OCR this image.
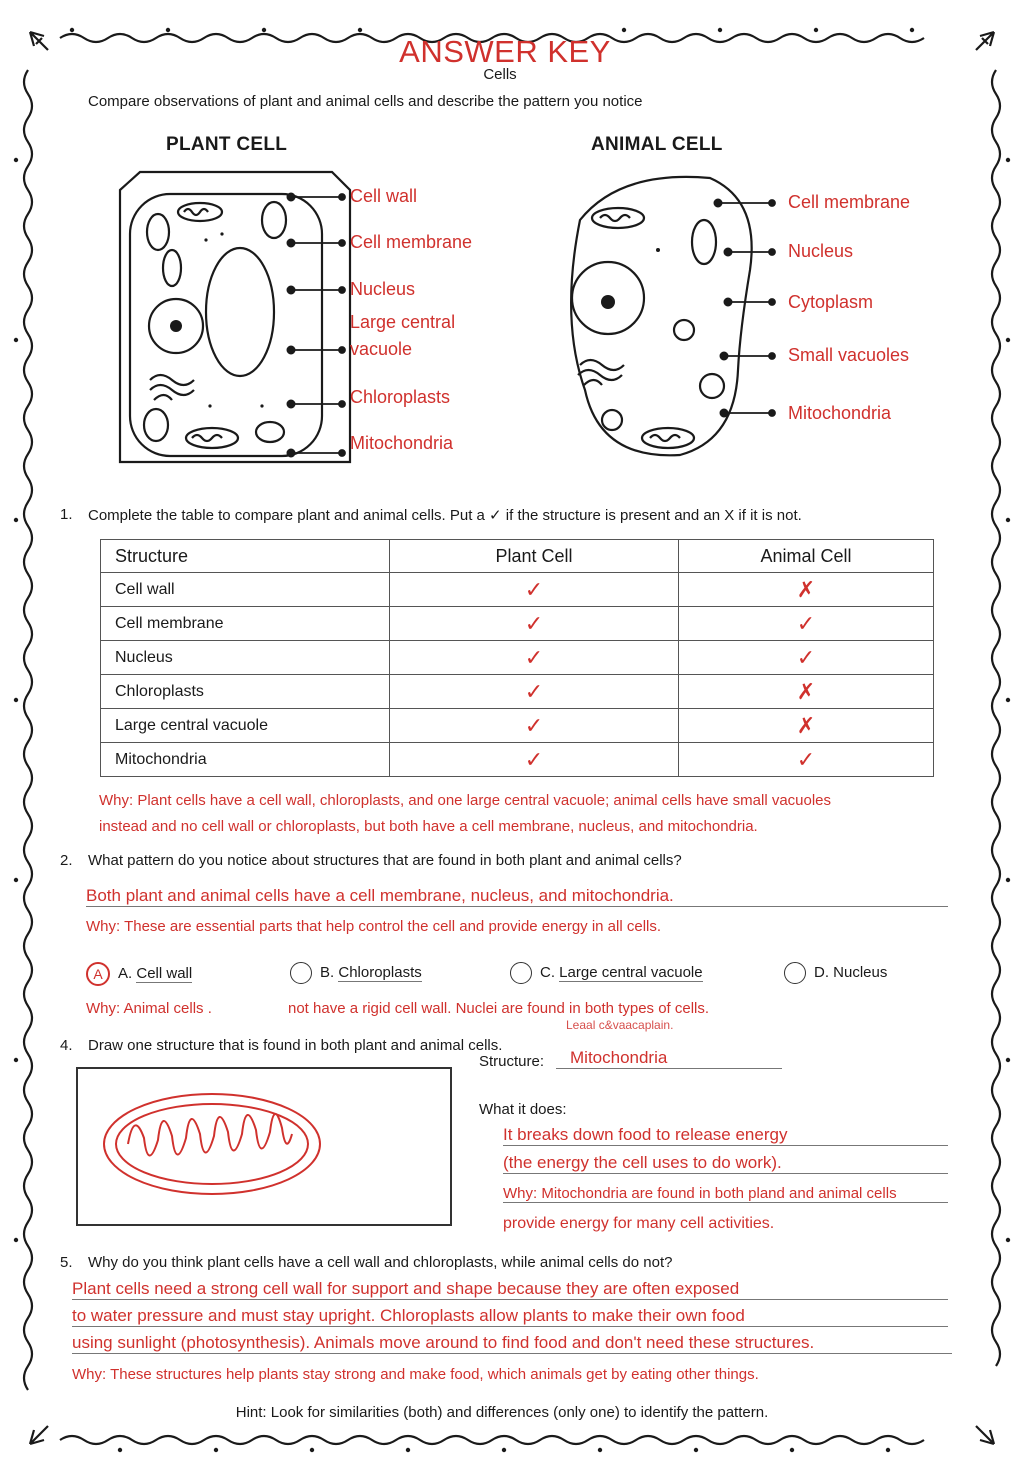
ANSWER KEY
Cells
Compare observations of plant and animal cells and describe the pattern you notice
PLANT CELL	ANIMAL CELL
Cell wall
Cell membrane
Nucleus
Large central
vacuole
Chloroplasts
Mitochondria
Cell membrane
Nucleus
Cytoplasm
Small vacuoles
Mitochondria
1. Complete the table to compare plant and animal cells. Put a ✓ if the structure is present and an X if it is not.
Structure	Plant Cell	Animal Cell
Cell wall	✓	✗
Cell membrane	✓	✓
Nucleus	✓	✓
Chloroplasts	✓	✗
Large central vacuole	✓	✗
Mitochondria	✓	✓
Why: Plant cells have a cell wall, chloroplasts, and one large central vacuole; animal cells have small vacuoles
instead and no cell wall or chloroplasts, but both have a cell membrane, nucleus, and mitochondria.
2. What pattern do you notice about structures that are found in both plant and animal cells?
Both plant and animal cells have a cell membrane, nucleus, and mitochondria.
Why: These are essential parts that help control the cell and provide energy in all cells.
A A. Cell wall	B. Chloroplasts	C. Large central vacuole	D. Nucleus
Why: Animal cells .	not have a rigid cell wall. Nuclei are found in both types of cells.
Leaal c&vaacaplain.
4. Draw one structure that is found in both plant and animal cells.
Structure:	Mitochondria
What it does:
It breaks down food to release energy
(the energy the cell uses to do work).
Why: Mitochondria are found in both pland and animal cells
provide energy for many cell activities.
5. Why do you think plant cells have a cell wall and chloroplasts, while animal cells do not?
Plant cells need a strong cell wall for support and shape because they are often exposed
to water pressure and must stay upright. Chloroplasts allow plants to make their own food
using sunlight (photosynthesis). Animals move around to find food and don't need these structures.
Why: These structures help plants stay strong and make food, which animals get by eating other things.
Hint: Look for similarities (both) and differences (only one) to identify the pattern.
